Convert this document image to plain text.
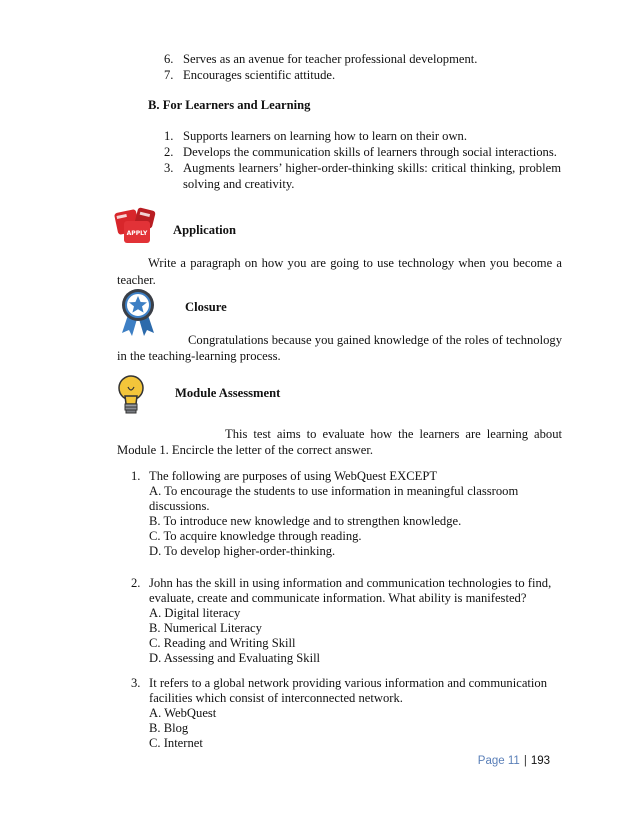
6. Serves as an avenue for teacher professional development.
7. Encourages scientific attitude.
B. For Learners and Learning
1. Supports learners on learning how to learn on their own.
2. Develops the communication skills of learners through social interactions.
3. Augments learners’ higher-order-thinking skills: critical thinking, problem
solving and creativity.
APPLY Application
Write a paragraph on how you are going to use technology when you become a
teacher.
Closure
Congratulations because you gained knowledge of the roles of technology
in the teaching-learning process.
Module Assessment
This test aims to evaluate how the learners are learning about
Module 1. Encircle the letter of the correct answer.
1. The following are purposes of using WebQuest EXCEPT
A. To encourage the students to use information in meaningful classroom
discussions.
B. To introduce new knowledge and to strengthen knowledge.
C. To acquire knowledge through reading.
D. To develop higher-order-thinking.
2. John has the skill in using information and communication technologies to find,
evaluate, create and communicate information. What ability is manifested?
A. Digital literacy
B. Numerical Literacy
C. Reading and Writing Skill
D. Assessing and Evaluating Skill
3. It refers to a global network providing various information and communication
facilities which consist of interconnected network.
A. WebQuest
B. Blog
C. Internet
Page 11 | 193
